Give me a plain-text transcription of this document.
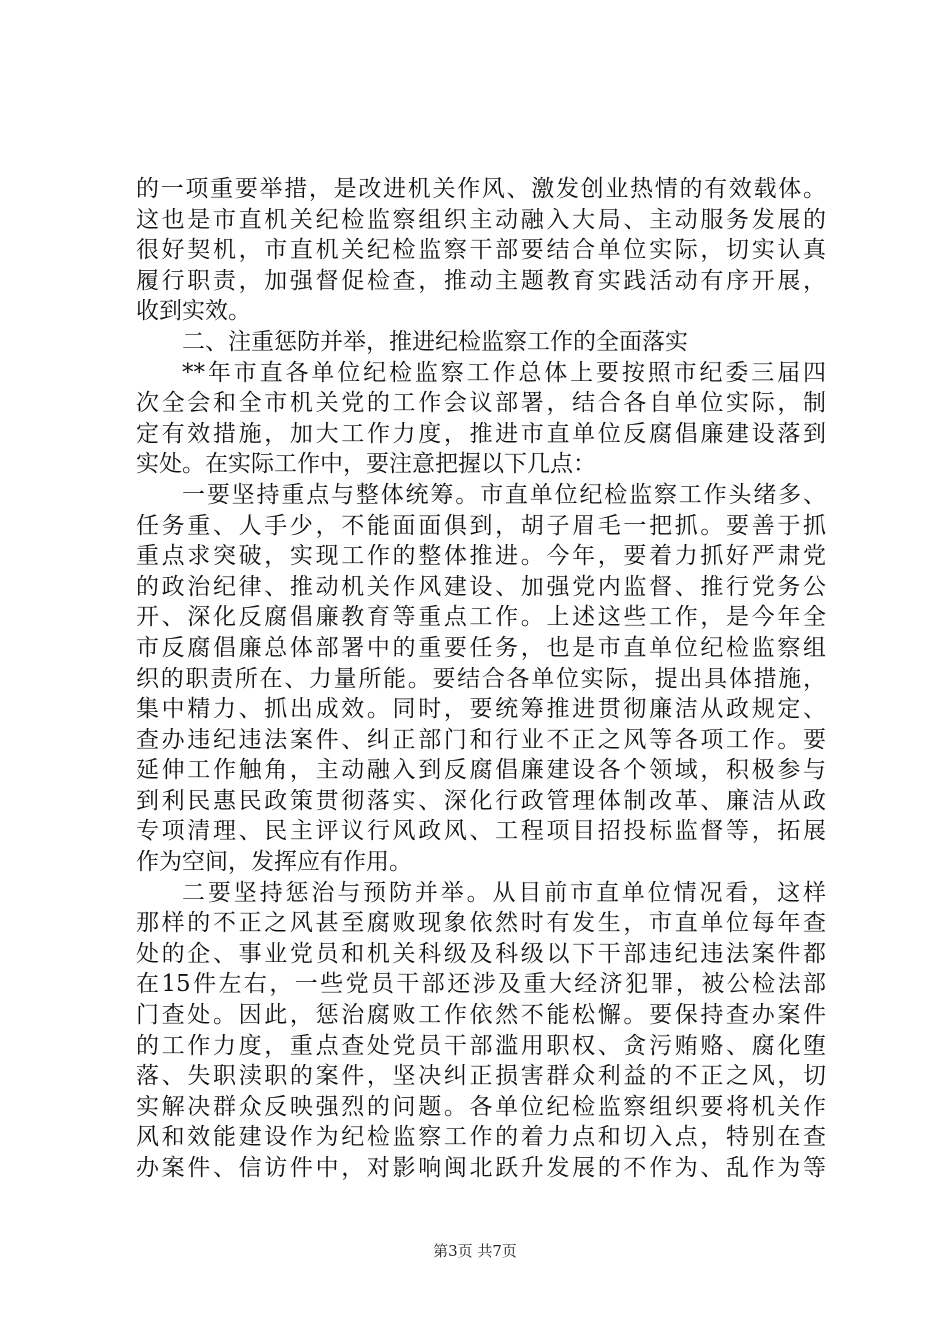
的一项重要举措，是改进机关作风、激发创业热情的有效载体。
这也是市直机关纪检监察组织主动融入大局、主动服务发展的
很好契机，市直机关纪检监察干部要结合单位实际，切实认真
履行职责，加强督促检查，推动主题教育实践活动有序开展，
收到实效。
二、注重惩防并举，推进纪检监察工作的全面落实
**年市直各单位纪检监察工作总体上要按照市纪委三届四
次全会和全市机关党的工作会议部署，结合各自单位实际，制
定有效措施，加大工作力度，推进市直单位反腐倡廉建设落到
实处。在实际工作中，要注意把握以下几点：
一要坚持重点与整体统筹。市直单位纪检监察工作头绪多、
任务重、人手少，不能面面俱到，胡子眉毛一把抓。要善于抓
重点求突破，实现工作的整体推进。今年，要着力抓好严肃党
的政治纪律、推动机关作风建设、加强党内监督、推行党务公
开、深化反腐倡廉教育等重点工作。上述这些工作，是今年全
市反腐倡廉总体部署中的重要任务，也是市直单位纪检监察组
织的职责所在、力量所能。要结合各单位实际，提出具体措施，
集中精力、抓出成效。同时，要统筹推进贯彻廉洁从政规定、
查办违纪违法案件、纠正部门和行业不正之风等各项工作。要
延伸工作触角，主动融入到反腐倡廉建设各个领域，积极参与
到利民惠民政策贯彻落实、深化行政管理体制改革、廉洁从政
专项清理、民主评议行风政风、工程项目招投标监督等，拓展
作为空间，发挥应有作用。
二要坚持惩治与预防并举。从目前市直单位情况看，这样
那样的不正之风甚至腐败现象依然时有发生，市直单位每年查
处的企、事业党员和机关科级及科级以下干部违纪违法案件都
在15件左右，一些党员干部还涉及重大经济犯罪，被公检法部
门查处。因此，惩治腐败工作依然不能松懈。要保持查办案件
的工作力度，重点查处党员干部滥用职权、贪污贿赂、腐化堕
落、失职渎职的案件，坚决纠正损害群众利益的不正之风，切
实解决群众反映强烈的问题。各单位纪检监察组织要将机关作
风和效能建设作为纪检监察工作的着力点和切入点，特别在查
办案件、信访件中，对影响闽北跃升发展的不作为、乱作为等
第3页 共7页
